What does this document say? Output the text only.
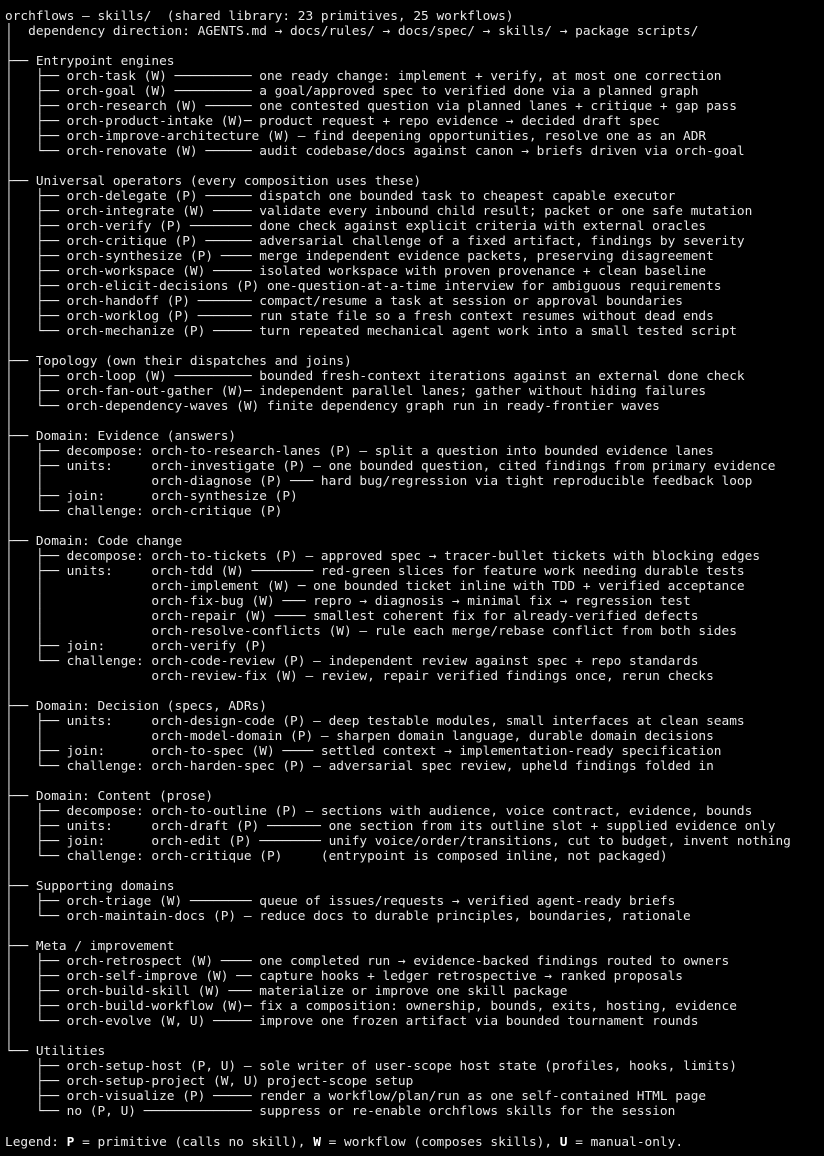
orchflows – skills/  (shared library: 23 primitives, 25 workflows)
│  dependency direction: AGENTS.md → docs/rules/ → docs/spec/ → skills/ → package scripts/
│
├── Entrypoint engines
│   ├── orch-task (W) ────────── one ready change: implement + verify, at most one correction
│   ├── orch-goal (W) ────────── a goal/approved spec to verified done via a planned graph
│   ├── orch-research (W) ────── one contested question via planned lanes + critique + gap pass
│   ├── orch-product-intake (W)─ product request + repo evidence → decided draft spec
│   ├── orch-improve-architecture (W) – find deepening opportunities, resolve one as an ADR
│   └── orch-renovate (W) ────── audit codebase/docs against canon → briefs driven via orch-goal
│
├── Universal operators (every composition uses these)
│   ├── orch-delegate (P) ────── dispatch one bounded task to cheapest capable executor
│   ├── orch-integrate (W) ───── validate every inbound child result; packet or one safe mutation
│   ├── orch-verify (P) ──────── done check against explicit criteria with external oracles
│   ├── orch-critique (P) ────── adversarial challenge of a fixed artifact, findings by severity
│   ├── orch-synthesize (P) ──── merge independent evidence packets, preserving disagreement
│   ├── orch-workspace (W) ───── isolated workspace with proven provenance + clean baseline
│   ├── orch-elicit-decisions (P) one-question-at-a-time interview for ambiguous requirements
│   ├── orch-handoff (P) ─────── compact/resume a task at session or approval boundaries
│   ├── orch-worklog (P) ─────── run state file so a fresh context resumes without dead ends
│   └── orch-mechanize (P) ───── turn repeated mechanical agent work into a small tested script
│
├── Topology (own their dispatches and joins)
│   ├── orch-loop (W) ────────── bounded fresh-context iterations against an external done check
│   ├── orch-fan-out-gather (W)─ independent parallel lanes; gather without hiding failures
│   └── orch-dependency-waves (W) finite dependency graph run in ready-frontier waves
│
├── Domain: Evidence (answers)
│   ├── decompose: orch-to-research-lanes (P) – split a question into bounded evidence lanes
│   ├── units:     orch-investigate (P) – one bounded question, cited findings from primary evidence
│   │              orch-diagnose (P) ─── hard bug/regression via tight reproducible feedback loop
│   ├── join:      orch-synthesize (P)
│   └── challenge: orch-critique (P)
│
├── Domain: Code change
│   ├── decompose: orch-to-tickets (P) – approved spec → tracer-bullet tickets with blocking edges
│   ├── units:     orch-tdd (W) ──────── red-green slices for feature work needing durable tests
│   │              orch-implement (W) ─ one bounded ticket inline with TDD + verified acceptance
│   │              orch-fix-bug (W) ─── repro → diagnosis → minimal fix → regression test
│   │              orch-repair (W) ──── smallest coherent fix for already-verified defects
│   │              orch-resolve-conflicts (W) – rule each merge/rebase conflict from both sides
│   ├── join:      orch-verify (P)
│   └── challenge: orch-code-review (P) – independent review against spec + repo standards
│                  orch-review-fix (W) – review, repair verified findings once, rerun checks
│
├── Domain: Decision (specs, ADRs)
│   ├── units:     orch-design-code (P) – deep testable modules, small interfaces at clean seams
│   │              orch-model-domain (P) – sharpen domain language, durable domain decisions
│   ├── join:      orch-to-spec (W) ──── settled context → implementation-ready specification
│   └── challenge: orch-harden-spec (P) – adversarial spec review, upheld findings folded in
│
├── Domain: Content (prose)
│   ├── decompose: orch-to-outline (P) – sections with audience, voice contract, evidence, bounds
│   ├── units:     orch-draft (P) ─────── one section from its outline slot + supplied evidence only
│   ├── join:      orch-edit (P) ──────── unify voice/order/transitions, cut to budget, invent nothing
│   └── challenge: orch-critique (P)     (entrypoint is composed inline, not packaged)
│
├── Supporting domains
│   ├── orch-triage (W) ──────── queue of issues/requests → verified agent-ready briefs
│   └── orch-maintain-docs (P) – reduce docs to durable principles, boundaries, rationale
│
├── Meta / improvement
│   ├── orch-retrospect (W) ──── one completed run → evidence-backed findings routed to owners
│   ├── orch-self-improve (W) ── capture hooks + ledger retrospective → ranked proposals
│   ├── orch-build-skill (W) ─── materialize or improve one skill package
│   ├── orch-build-workflow (W)─ fix a composition: ownership, bounds, exits, hosting, evidence
│   └── orch-evolve (W, U) ───── improve one frozen artifact via bounded tournament rounds
│
└── Utilities
├── orch-setup-host (P, U) – sole writer of user-scope host state (profiles, hooks, limits)
├── orch-setup-project (W, U) project-scope setup
├── orch-visualize (P) ───── render a workflow/plan/run as one self-contained HTML page
└── no (P, U) ────────────── suppress or re-enable orchflows skills for the session
Legend: P = primitive (calls no skill), W = workflow (composes skills), U = manual-only.
